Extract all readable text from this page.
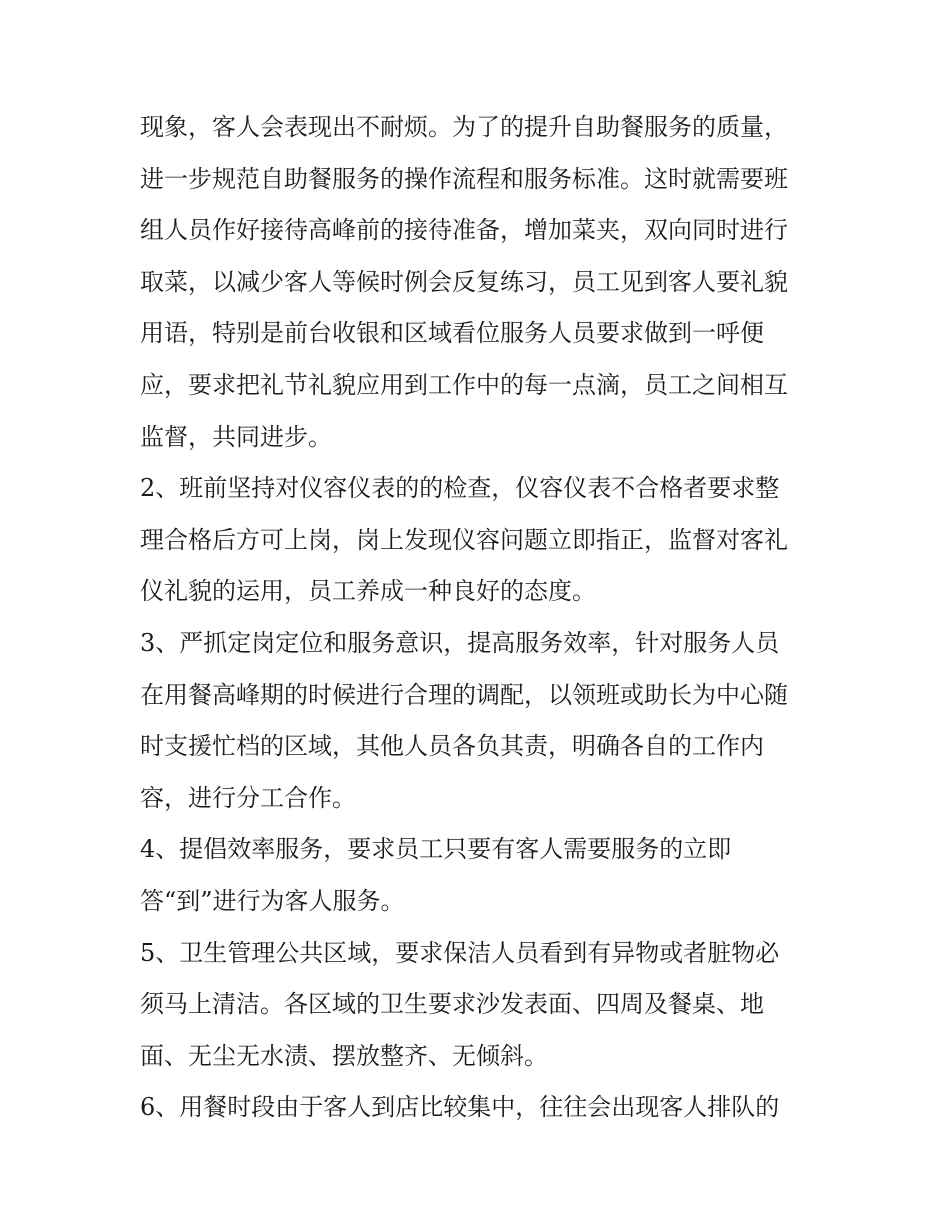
现象，客人会表现出不耐烦。为了的提升自助餐服务的质量，
进一步规范自助餐服务的操作流程和服务标准。这时就需要班
组人员作好接待高峰前的接待准备，增加菜夹，双向同时进行
取菜，以减少客人等候时例会反复练习，员工见到客人要礼貌
用语，特别是前台收银和区域看位服务人员要求做到一呼便
应，要求把礼节礼貌应用到工作中的每一点滴，员工之间相互
监督，共同进步。
2、班前坚持对仪容仪表的的检查，仪容仪表不合格者要求整
理合格后方可上岗，岗上发现仪容问题立即指正，监督对客礼
仪礼貌的运用，员工养成一种良好的态度。
3、严抓定岗定位和服务意识，提高服务效率，针对服务人员
在用餐高峰期的时候进行合理的调配，以领班或助长为中心随
时支援忙档的区域，其他人员各负其责，明确各自的工作内
容，进行分工合作。
4、提倡效率服务，要求员工只要有客人需要服务的立即
答“到”进行为客人服务。
5、卫生管理公共区域，要求保洁人员看到有异物或者脏物必
须马上清洁。各区域的卫生要求沙发表面、四周及餐桌、地
面、无尘无水渍、摆放整齐、无倾斜。
6、用餐时段由于客人到店比较集中，往往会出现客人排队的
